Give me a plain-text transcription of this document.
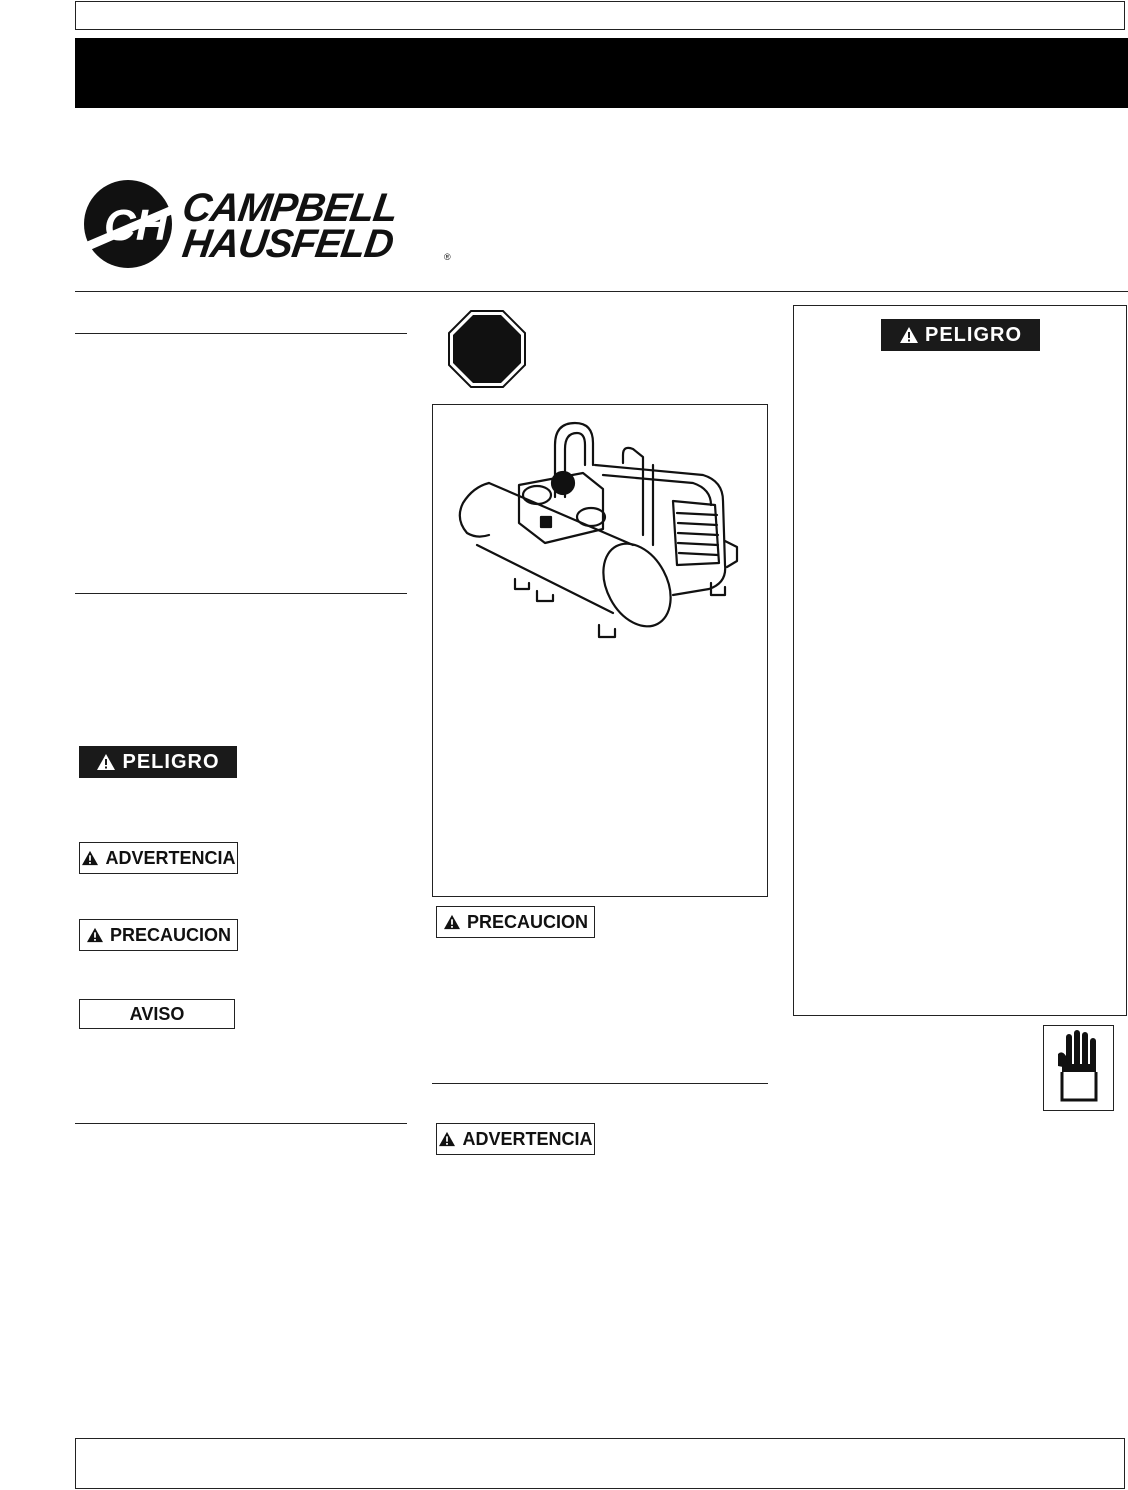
CH CAMPBELL
HAUSFELD	®
PELIGRO
ADVERTENCIA
PRECAUCION
AVISO
PRECAUCION
ADVERTENCIA
PELIGRO
